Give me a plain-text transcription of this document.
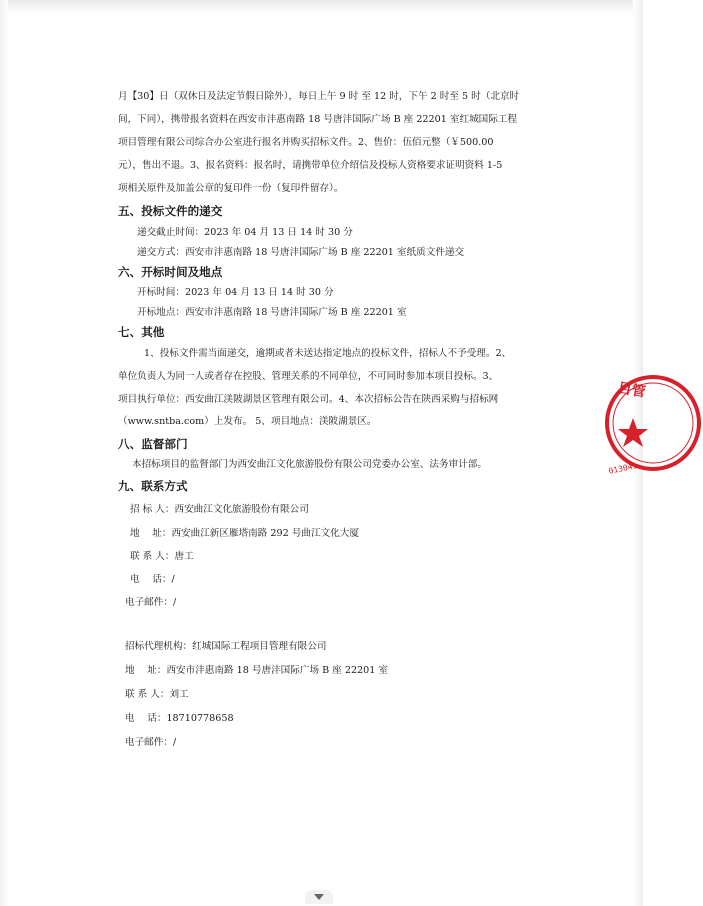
月【30】日（双休日及法定节假日除外），每日上午 9 时 至 12 时，下午 2 时至 5 时（北京时
间，下同），携带报名资料在西安市沣惠南路 18 号唐沣国际广场 B 座 22201 室红城国际工程
项目管理有限公司综合办公室进行报名并购买招标文件。2、售价：伍佰元整（￥500.00
元），售出不退。3、报名资料：报名时，请携带单位介绍信及投标人资格要求证明资料 1-5
项相关原件及加盖公章的复印件一份（复印件留存）。
五、投标文件的递交
递交截止时间：2023 年 04 月 13 日 14 时 30 分
递交方式：西安市沣惠南路 18 号唐沣国际广场 B 座 22201 室纸质文件递交
六、开标时间及地点
开标时间：2023 年 04 月 13 日 14 时 30 分
开标地点：西安市沣惠南路 18 号唐沣国际广场 B 座 22201 室
七、其他
1、投标文件需当面递交，逾期或者未送达指定地点的投标文件，招标人不予受理。2、
单位负责人为同一人或者存在控股、管理关系的不同单位，不可同时参加本项目投标。3、
项目执行单位：西安曲江渼陂湖景区管理有限公司。4、本次招标公告在陕西采购与招标网
（www.sntba.com）上发布。 5、项目地点：渼陂湖景区。
八、监督部门
本招标项目的监督部门为西安曲江文化旅游股份有限公司党委办公室、法务审计部。
九、联系方式
招 标 人：西安曲江文化旅游股份有限公司
地　 址：西安曲江新区雁塔南路 292 号曲江文化大厦
联 系 人：唐工
电　 话：/
电子邮件：/
招标代理机构：红城国际工程项目管理有限公司
地　 址：西安市沣惠南路 18 号唐沣国际广场 B 座 22201 室
联 系 人：刘工
电　 话：18710778658
电子邮件：/
目管
013041
